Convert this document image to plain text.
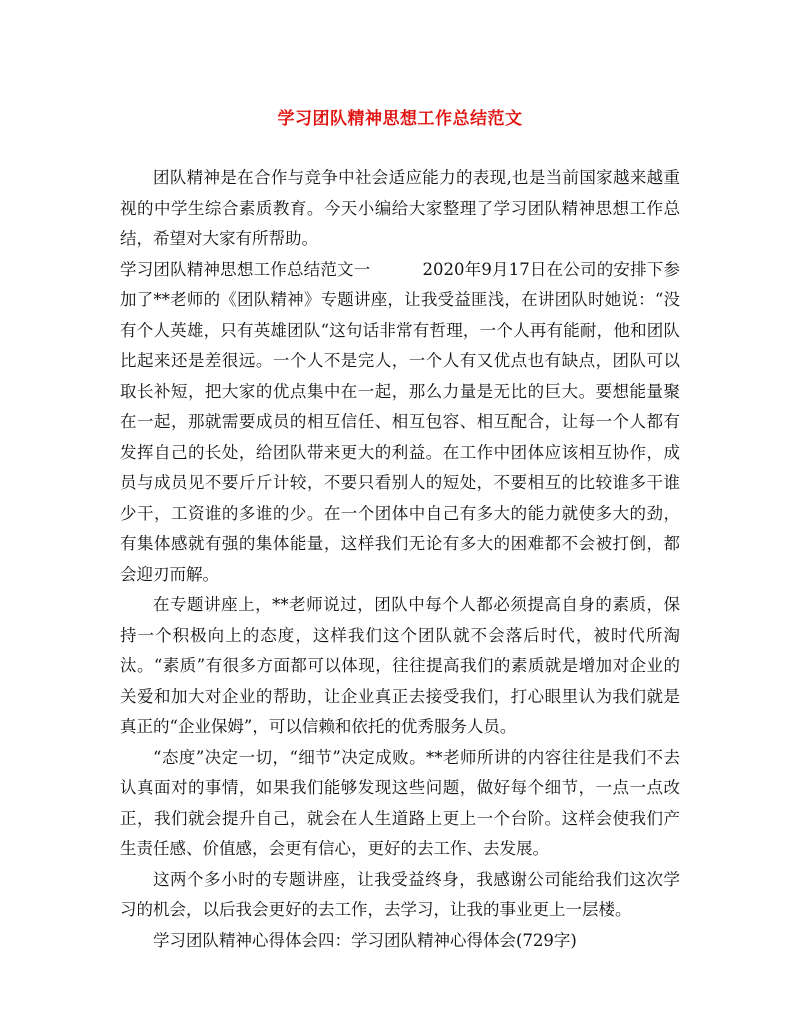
学习团队精神思想工作总结范文

团队精神是在合作与竞争中社会适应能力的表现,也是当前国家越来越重视的中学生综合素质教育。今天小编给大家整理了学习团队精神思想工作总结，希望对大家有所帮助。

学习团队精神思想工作总结范文一	2020年9月17日在公司的安排下参加了**老师的《团队精神》专题讲座，让我受益匪浅，在讲团队时她说：“没有个人英雄，只有英雄团队“这句话非常有哲理，一个人再有能耐，他和团队比起来还是差很远。一个人不是完人，一个人有又优点也有缺点，团队可以取长补短，把大家的优点集中在一起，那么力量是无比的巨大。要想能量聚在一起，那就需要成员的相互信任、相互包容、相互配合，让每一个人都有发挥自己的长处，给团队带来更大的利益。在工作中团体应该相互协作，成员与成员见不要斤斤计较，不要只看别人的短处，不要相互的比较谁多干谁少干，工资谁的多谁的少。在一个团体中自己有多大的能力就使多大的劲，有集体感就有强的集体能量，这样我们无论有多大的困难都不会被打倒，都会迎刃而解。

在专题讲座上，**老师说过，团队中每个人都必须提高自身的素质，保持一个积极向上的态度，这样我们这个团队就不会落后时代，被时代所淘汰。“素质”有很多方面都可以体现，往往提高我们的素质就是增加对企业的关爱和加大对企业的帮助，让企业真正去接受我们，打心眼里认为我们就是真正的“企业保姆”，可以信赖和依托的优秀服务人员。

“态度”决定一切，“细节”决定成败。**老师所讲的内容往往是我们不去认真面对的事情，如果我们能够发现这些问题，做好每个细节，一点一点改正，我们就会提升自己，就会在人生道路上更上一个台阶。这样会使我们产生责任感、价值感，会更有信心，更好的去工作、去发展。

这两个多小时的专题讲座，让我受益终身，我感谢公司能给我们这次学习的机会，以后我会更好的去工作，去学习，让我的事业更上一层楼。

学习团队精神心得体会四：学习团队精神心得体会(729字)
